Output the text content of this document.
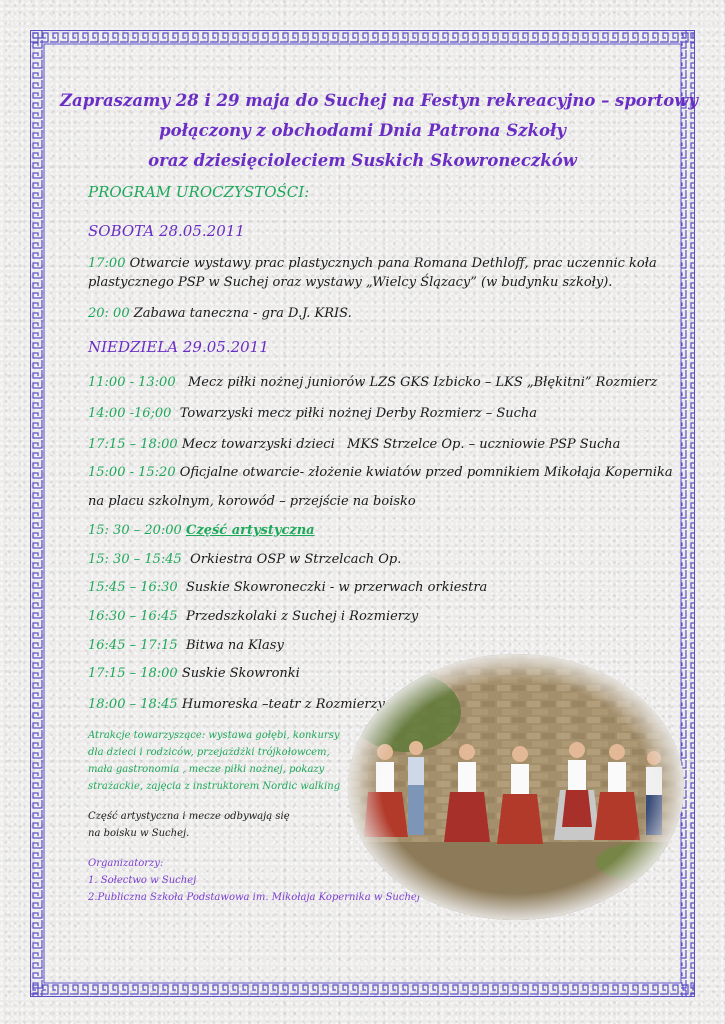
Zapraszamy 28 i 29 maja do Suchej na Festyn rekreacyjno – sportowy
połączony z obchodami Dnia Patrona Szkoły
oraz dziesięcioleciem Suskich Skowroneczków
PROGRAM UROCZYSTOŚCI:
SOBOTA 28.05.2011
17:00 Otwarcie wystawy prac plastycznych pana Romana Dethloff, prac uczennic koła
plastycznego PSP w Suchej oraz wystawy „Wielcy Ślązacy” (w budynku szkoły).
20: 00 Zabawa taneczna - gra D.J. KRIS.
NIEDZIELA 29.05.2011
11:00 - 13:00   Mecz piłki nożnej juniorów LZS GKS Izbicko – LKS „Błękitni” Rozmierz
14:00 -16;00  Towarzyski mecz piłki nożnej Derby Rozmierz – Sucha
17:15 – 18:00 Mecz towarzyski dzieci   MKS Strzelce Op. – uczniowie PSP Sucha
15:00 - 15:20 Oficjalne otwarcie- złożenie kwiatów przed pomnikiem Mikołaja Kopernika
na placu szkolnym, korowód – przejście na boisko
15: 30 – 20:00 Część artystyczna
15: 30 – 15:45  Orkiestra OSP w Strzelcach Op.
15:45 – 16:30  Suskie Skowroneczki - w przerwach orkiestra
16:30 – 16:45  Przedszkolaki z Suchej i Rozmierzy
16:45 – 17:15  Bitwa na Klasy
17:15 – 18:00 Suskie Skowronki
18:00 – 18:45 Humoreska –teatr z Rozmierzy
Atrakcje towarzyszące: wystawa gołębi, konkursy
dla dzieci i rodziców, przejażdżki trójkołowcem,
mała gastronomia , mecze piłki nożnej, pokazy
strażackie, zajęcia z instruktorem Nordic walking
Część artystyczna i mecze odbywają się
na boisku w Suchej.
Organizatorzy:
1. Sołectwo w Suchej
2.Publiczna Szkoła Podstawowa im. Mikołaja Kopernika w Suchej
